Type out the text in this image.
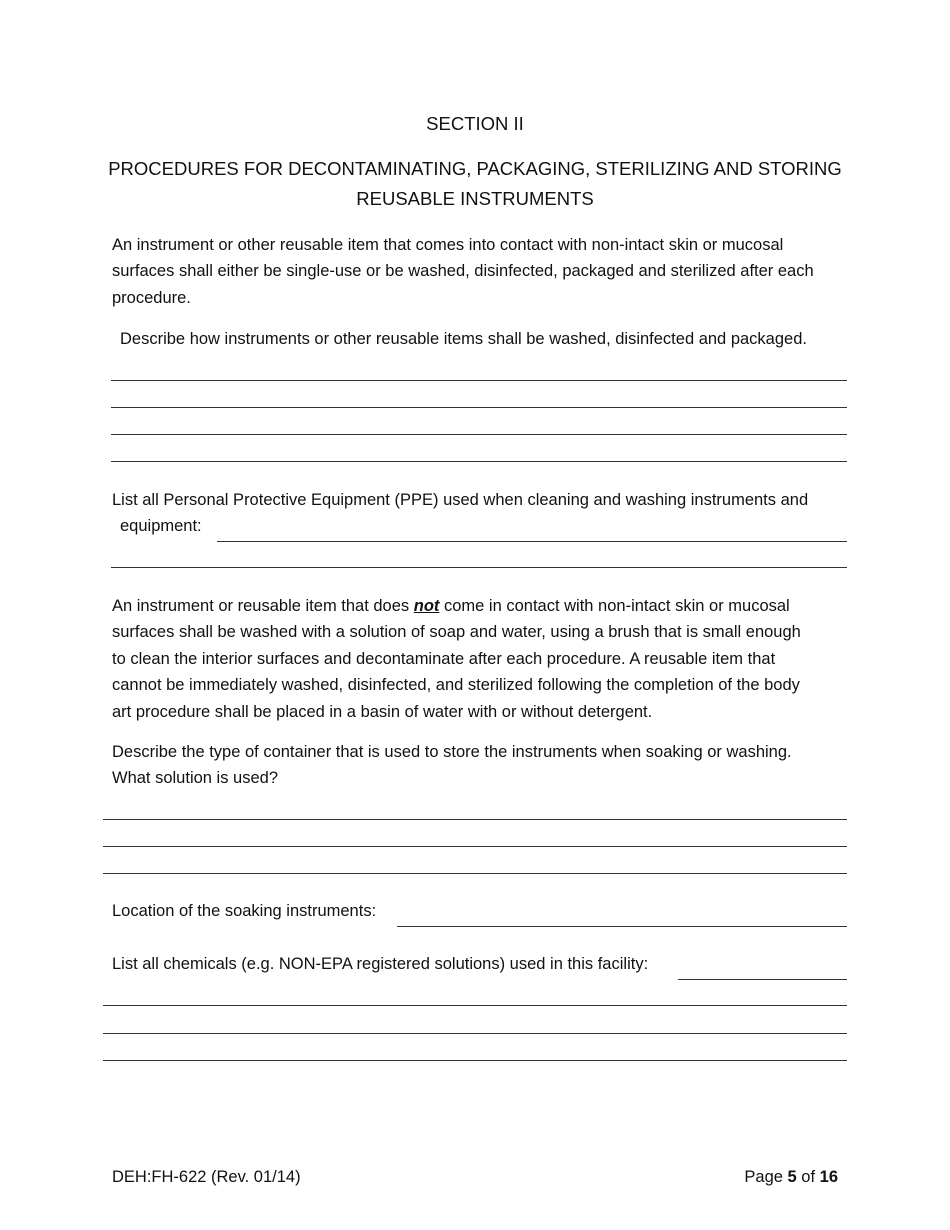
SECTION II
PROCEDURES FOR DECONTAMINATING, PACKAGING, STERILIZING AND STORING
REUSABLE INSTRUMENTS
An instrument or other reusable item that comes into contact with non-intact skin or mucosal
surfaces shall either be single-use or be washed, disinfected, packaged and sterilized after each
procedure.
Describe how instruments or other reusable items shall be washed, disinfected and packaged.
List all Personal Protective Equipment (PPE) used when cleaning and washing instruments and
equipment:
An instrument or reusable item that does not come in contact with non-intact skin or mucosal
surfaces shall be washed with a solution of soap and water, using a brush that is small enough
to clean the interior surfaces and decontaminate after each procedure. A reusable item that
cannot be immediately washed, disinfected, and sterilized following the completion of the body
art procedure shall be placed in a basin of water with or without detergent.
Describe the type of container that is used to store the instruments when soaking or washing.
What solution is used?
Location of the soaking instruments:
List all chemicals (e.g. NON-EPA registered solutions) used in this facility:
DEH:FH-622 (Rev. 01/14)	Page 5 of 16
